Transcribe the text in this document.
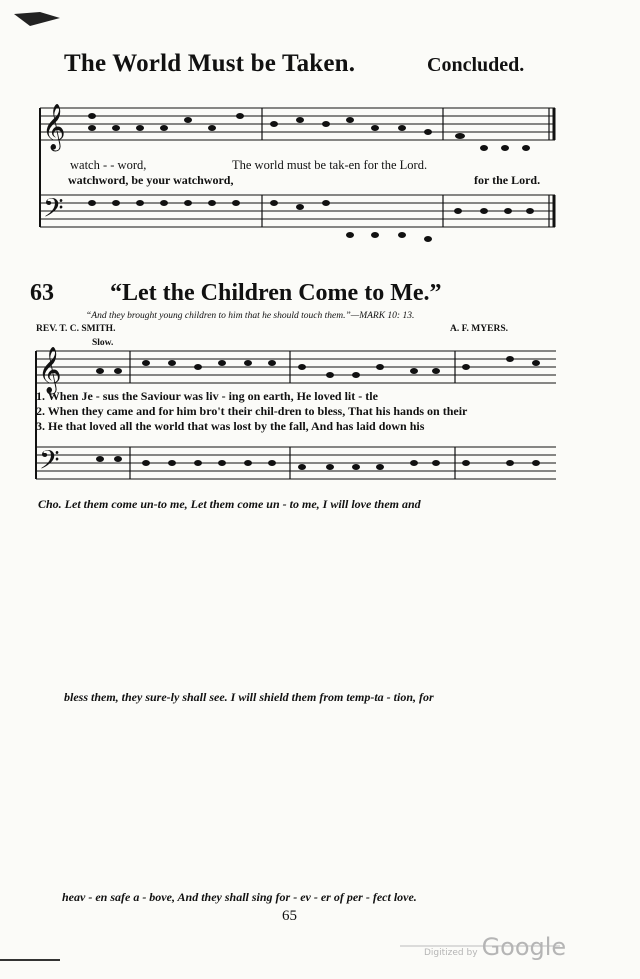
𝄞
𝄢
𝄞
𝄢
The World Must be Taken.	Concluded.
watch - - word,	The world must be tak-en for the Lord.
watchword, be your watchword,	for the Lord.
63 “Let the Children Come to Me.”
“And they brought young children to him that he should touch them.”—MARK 10: 13.
REV. T. C. SMITH.	A. F. MYERS.
Slow.
1. When Je - sus the Saviour was liv - ing on earth, He loved lit - tle
2. When they came and for him bro't their chil-dren to bless, That his hands on their
3. He that loved all the world that was lost by the fall, And has laid down his
Cho. Let them come un-to me, Let them come un - to me, I will love them and
bless them, they sure-ly shall see. I will shield them from temp-ta - tion, for
heav - en safe a - bove, And they shall sing for - ev - er of per - fect love.
65
Digitized by Google
